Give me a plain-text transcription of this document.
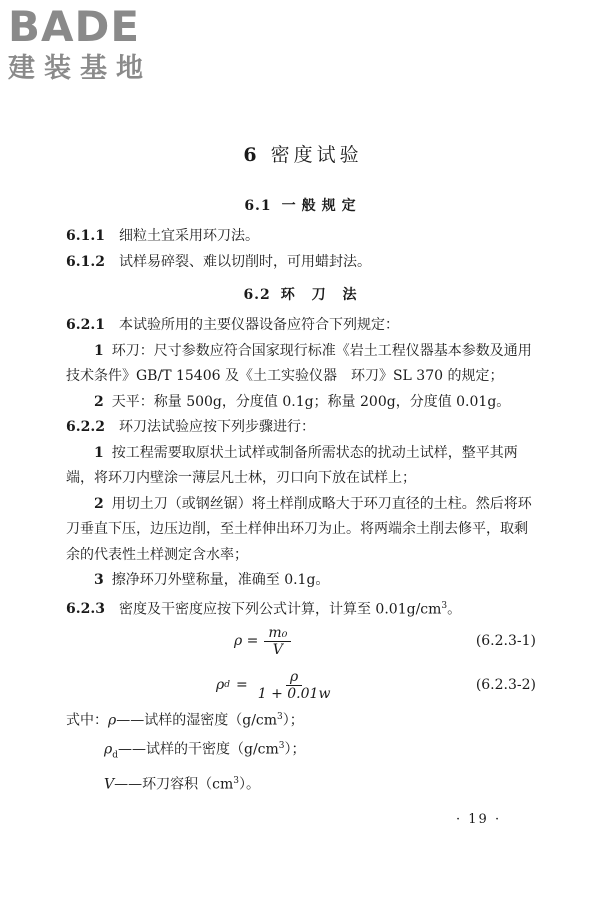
BADE
建装基地
6 密度试验
6.1 一般规定

6.1.1 细粒土宜采用环刀法。

6.1.2 试样易碎裂、难以切削时，可用蜡封法。

6.2 环 刀 法

6.2.1 本试验所用的主要仪器设备应符合下列规定：

1 环刀：尺寸参数应符合国家现行标准《岩土工程仪器基本参数及通用技术条件》GB/T 15406 及《土工实验仪器　环刀》SL 370 的规定；

2 天平：称量 500g，分度值 0.1g；称量 200g，分度值 0.01g。

6.2.2 环刀法试验应按下列步骤进行：

1 按工程需要取原状土试样或制备所需状态的扰动土试样，整平其两端，将环刀内壁涂一薄层凡士林，刃口向下放在试样上；

2 用切土刀（或钢丝锯）将土样削成略大于环刀直径的土柱。然后将环刀垂直下压，边压边削，至土样伸出环刀为止。将两端余土削去修平，取剩余的代表性土样测定含水率；

3 擦净环刀外壁称量，准确至 0.1g。

6.2.3 密度及干密度应按下列公式计算，计算至 $0.01g/cm^3$。

$\rho = \frac{\text{m₀}}{V}$	(6.2.3-1)
ρ $d = \frac{\rho}{1 + 0.01w}$	(6.2.3-2)

式中：ρ——试样的湿密度$(g/cm^3)$；

$\rho_d——$试样的干密度$(g/cm^3)$；

V——环刀容积$(cm^3)$。

· 19 ·
